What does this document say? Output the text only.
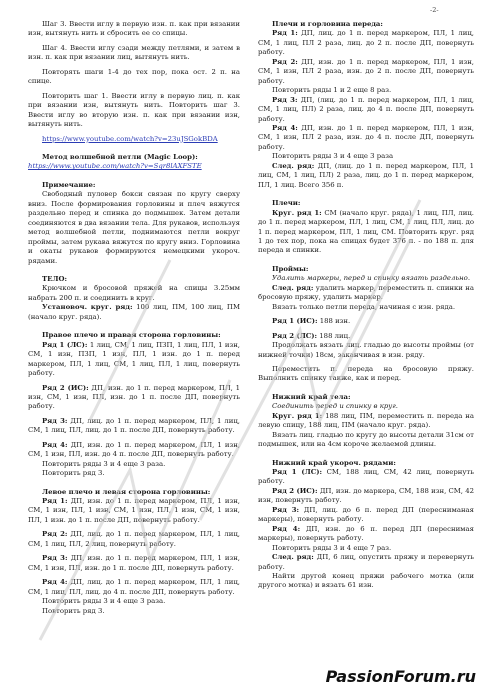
-2-

Шаг 3. Ввести иглу в первую изн. п. как при вязании изн, вытянуть нить и сбросить ее со спицы.

Шаг 4. Ввести иглу сзади между петлями, и затем в изн. п. как при вязании лиц, вытянуть нить.

Повторять шаги 1-4 до тех пор, пока ост. 2 п. на спице.

Повторить шаг 1. Ввести иглу в первую лиц. п. как при вязании изн, вытянуть нить. Повторить шаг 3. Ввести иглу во вторую изн. п. как при вязании изн, вытянуть нить.

https://www.youtube.com/watch?v=23uJSGokBDA

Метод волшебной петли (Magic Loop):

https://www.youtube.com/watch?v=Sqr8lAXFSTE

Примечание:

Свободный пуловер бокси связан по кругу сверху вниз. После формирования горловины и плеч вяжутся раздельно перед и спинка до подмышек. Затем детали соединяются в два вязании тела. Для рукавов, используя метод волшебной петли, поднимаются петли вокруг проймы, затем рукава вяжутся по кругу вниз. Горловина и окаты рукавов формируются немецкими укороч. рядами.

ТЕЛО:

Крючком и бросовой пряжей на спицы 3.25мм набрать 200 п. и соединить в круг.

Установоч. круг. ряд: 100 лиц, ПМ, 100 лиц, ПМ (начало круг. ряда).

Правое плечо и правая сторона горловины:

Ряд 1 (ЛС): 1 лиц, СМ, 1 лиц, ПЗП, 1 лиц, ПЛ, 1 изн, СМ, 1 изн, ПЗП, 1 изн, ПЛ, 1 изн. до 1 п. перед маркером, ПЛ, 1 лиц, СМ, 1 лиц, ПЛ, 1 лиц, повернуть работу.

Ряд 2 (ИС): ДП, изн. до 1 п. перед маркером, ПЛ, 1 изн, СМ, 1 изн, ПЛ, изн. до 1 п. после ДП, повернуть работу.

Ряд 3: ДП, лиц. до 1 п. перед маркером, ПЛ, 1 лиц, СМ, 1 лиц, ПЛ, лиц. до 1 п. после ДП, повернуть работу.

Ряд 4: ДП, изн. до 1 п. перед маркером, ПЛ, 1 изн, СМ, 1 изн, ПЛ, изн. до 4 п. после ДП, повернуть работу.

Повторить ряды 3 и 4 еще 3 раза.

Повторить ряд 3.

Левое плечо и левая сторона горловины:

Ряд 1: ДП, изн. до 1 п. перед маркером, ПЛ, 1 изн, СМ, 1 изн, ПЛ, 1 изн, СМ, 1 изн, ПЛ, 1 изн, СМ, 1 изн, ПЛ, 1 изн. до 1 п. после ДП, повернуть работу.

Ряд 2: ДП, лиц. до 1 п. перед маркером, ПЛ, 1 лиц, СМ, 1 лиц, ПЛ, 2 лиц, повернуть работу.

Ряд 3: ДП, изн. до 1 п. перед маркером, ПЛ, 1 изн, СМ, 1 изн, ПЛ, изн. до 1 п. после ДП, повернуть работу.

Ряд 4: ДП, лиц. до 1 п. перед маркером, ПЛ, 1 лиц, СМ, 1 лиц, ПЛ, лиц. до 4 п. после ДП, повернуть работу.

Повторить ряды 3 и 4 еще 3 раза.

Повторить ряд 3.

Плечи и горловина переда:

Ряд 1: ДП, лиц. до 1 п. перед маркером, ПЛ, 1 лиц, СМ, 1 лиц, ПЛ 2 раза, лиц. до 2 п. после ДП, повернуть работу.

Ряд 2: ДП, изн. до 1 п. перед маркером, ПЛ, 1 изн, СМ, 1 изн, ПЛ 2 раза, изн. до 2 п. после ДП, повернуть работу.

Повторить ряды 1 и 2 еще 8 раз.

Ряд 3: ДП, (лиц. до 1 п. перед маркером, ПЛ, 1 лиц, СМ, 1 лиц, ПЛ) 2 раза, лиц. до 4 п. после ДП, повернуть работу.

Ряд 4: ДП, изн. до 1 п. перед маркером, ПЛ, 1 изн, СМ, 1 изн, ПЛ 2 раза, изн. до 4 п. после ДП, повернуть работу.

Повторить ряды 3 и 4 еще 3 раза

След. ряд: ДП, (лиц. до 1 п. перед маркером, ПЛ, 1 лиц, СМ, 1 лиц, ПЛ) 2 раза, лиц. до 1 п. перед маркером, ПЛ, 1 лиц. Всего 356 п.

Плечи:

Круг. ряд 1: СМ (начало круг. ряда), 1 лиц, ПЛ, лиц. до 1 п. перед маркером, ПЛ, 1 лиц, СМ, 1 лиц, ПЛ, лиц. до 1 п. перед маркером, ПЛ, 1 лиц, СМ. Повторить круг. ряд 1 до тех пор, пока на спицах будет 376 п. - по 188 п. для переда и спинки.

Проймы:

Удалить маркеры, перед и спинку вязать раздельно.

След. ряд: удалить маркер, переместить п. спинки на бросовую пряжу, удалить маркер.

Вязать только петли переда, начиная с изн. ряда.

Ряд 1 (ИС): 188 изн.

Ряд 2 (ЛС): 188 лиц.

Продолжать вязать лиц. гладью до высоты проймы (от нижней точки) 18см, заканчивая в изн. ряду.

Переместить п. переда на бросовую пряжу. Выполнить спинку также, как и перед.

Нижний край тела:

Соединить перед и спинку в круг.

Круг. ряд 1: 188 лиц, ПМ, переместить п. переда на левую спицу, 188 лиц, ПМ (начало круг. ряда).

Вязать лиц. гладью по кругу до высоты детали 31см от подмышек, или на 4см короче желаемой длины.

Нижний край укороч. рядами:

Ряд 1 (ЛС): СМ, 188 лиц, СМ, 42 лиц, повернуть работу.

Ряд 2 (ИС): ДП, изн. до маркера, СМ, 188 изн, СМ, 42 изн, повернуть работу.

Ряд 3: ДП, лиц. до 6 п. перед ДП (пересниманая маркеры), повернуть работу.

Ряд 4: ДП, изн. до 6 п. перед ДП (переснимая маркеры), повернуть работу.

Повторить ряды 3 и 4 еще 7 раз.

След. ряд: ДП, 6 лиц, опустить пряжу и перевернуть работу.

Найти другой конец пряжи рабочего мотка (или другого мотка) и вязать 61 изн.

PassionForum.ru
